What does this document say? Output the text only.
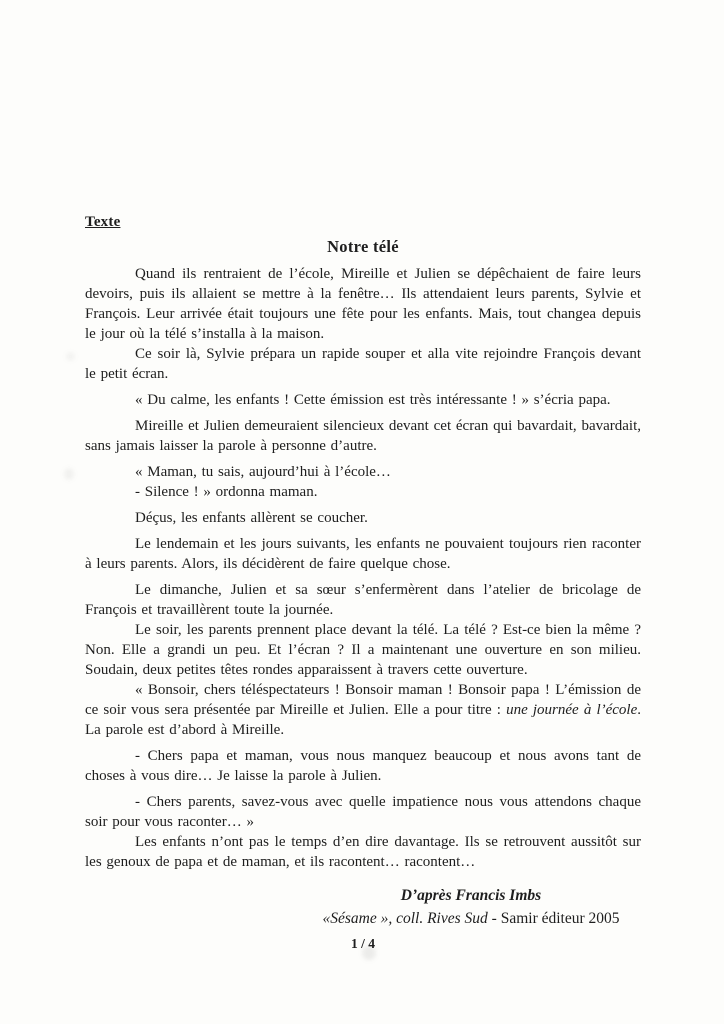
Texte
Notre télé

Quand ils rentraient de l’école, Mireille et Julien se dépêchaient de faire leurs devoirs, puis ils allaient se mettre à la fenêtre… Ils attendaient leurs parents, Sylvie et François. Leur arrivée était toujours une fête pour les enfants. Mais, tout changea depuis le jour où la télé s’installa à la maison.

Ce soir là, Sylvie prépara un rapide souper et alla vite rejoindre François devant le petit écran.

« Du calme, les enfants ! Cette émission est très intéressante ! » s’écria papa.

Mireille et Julien demeuraient silencieux devant cet écran qui bavardait, bavardait, sans jamais laisser la parole à personne d’autre.

« Maman, tu sais, aujourd’hui à l’école…

- Silence ! » ordonna maman.

Déçus, les enfants allèrent se coucher.

Le lendemain et les jours suivants, les enfants ne pouvaient toujours rien raconter à leurs parents. Alors, ils décidèrent de faire quelque chose.

Le dimanche, Julien et sa sœur s’enfermèrent dans l’atelier de bricolage de François et travaillèrent toute la journée.

Le soir, les parents prennent place devant la télé. La télé ? Est-ce bien la même ? Non. Elle a grandi un peu. Et l’écran ? Il a maintenant une ouverture en son milieu. Soudain, deux petites têtes rondes apparaissent à travers cette ouverture.

« Bonsoir, chers téléspectateurs ! Bonsoir maman ! Bonsoir papa ! L’émission de ce soir vous sera présentée par Mireille et Julien. Elle a pour titre : une journée à l’école. La parole est d’abord à Mireille.

- Chers papa et maman, vous nous manquez beaucoup et nous avons tant de choses à vous dire… Je laisse la parole à Julien.

- Chers parents, savez-vous avec quelle impatience nous vous attendons chaque soir pour vous raconter… »

Les enfants n’ont pas le temps d’en dire davantage. Ils se retrouvent aussitôt sur les genoux de papa et de maman, et ils racontent… racontent…

D’après Francis Imbs
«Sésame », coll. Rives Sud - Samir éditeur 2005
1 / 4
